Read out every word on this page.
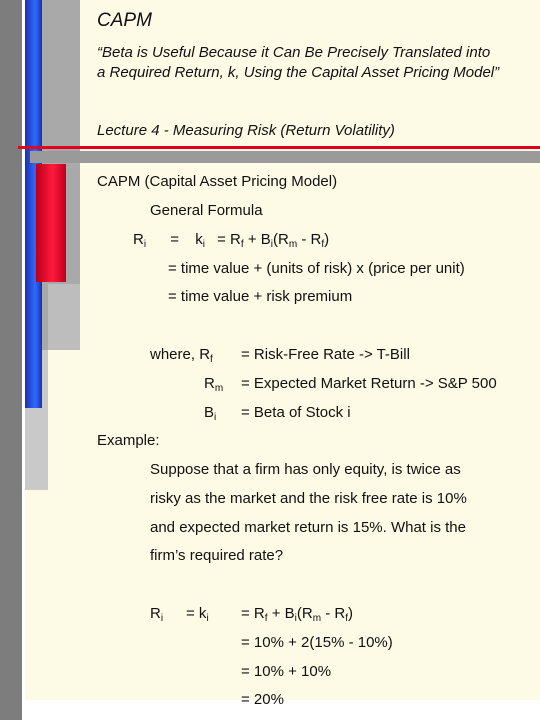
CAPM
“Beta is Useful Because it Can Be Precisely Translated into
a Required Return, k, Using the Capital Asset Pricing Model”
Lecture 4 - Measuring Risk (Return Volatility)
CAPM (Capital Asset Pricing Model)
General Formula
$R_i = k_i = R_f + B_i(R_m - R_f)$
= time value + (units of risk) x (price per unit)
= time value + risk premium
where, $R_f$ = Risk-Free Rate -> T-Bill
$R_m$ = Expected Market Return -> S&P 500
$B_i$ = Beta of Stock i
Example:
Suppose that a firm has only equity, is twice as
risky as the market and the risk free rate is 10%
and expected market return is 15%. What is the
firm’s required rate?
$R_i = k_i = R_f + B_i(R_m - R_f)$
= 10% + 2(15% - 10%)
= 10% + 10%
= 20%
